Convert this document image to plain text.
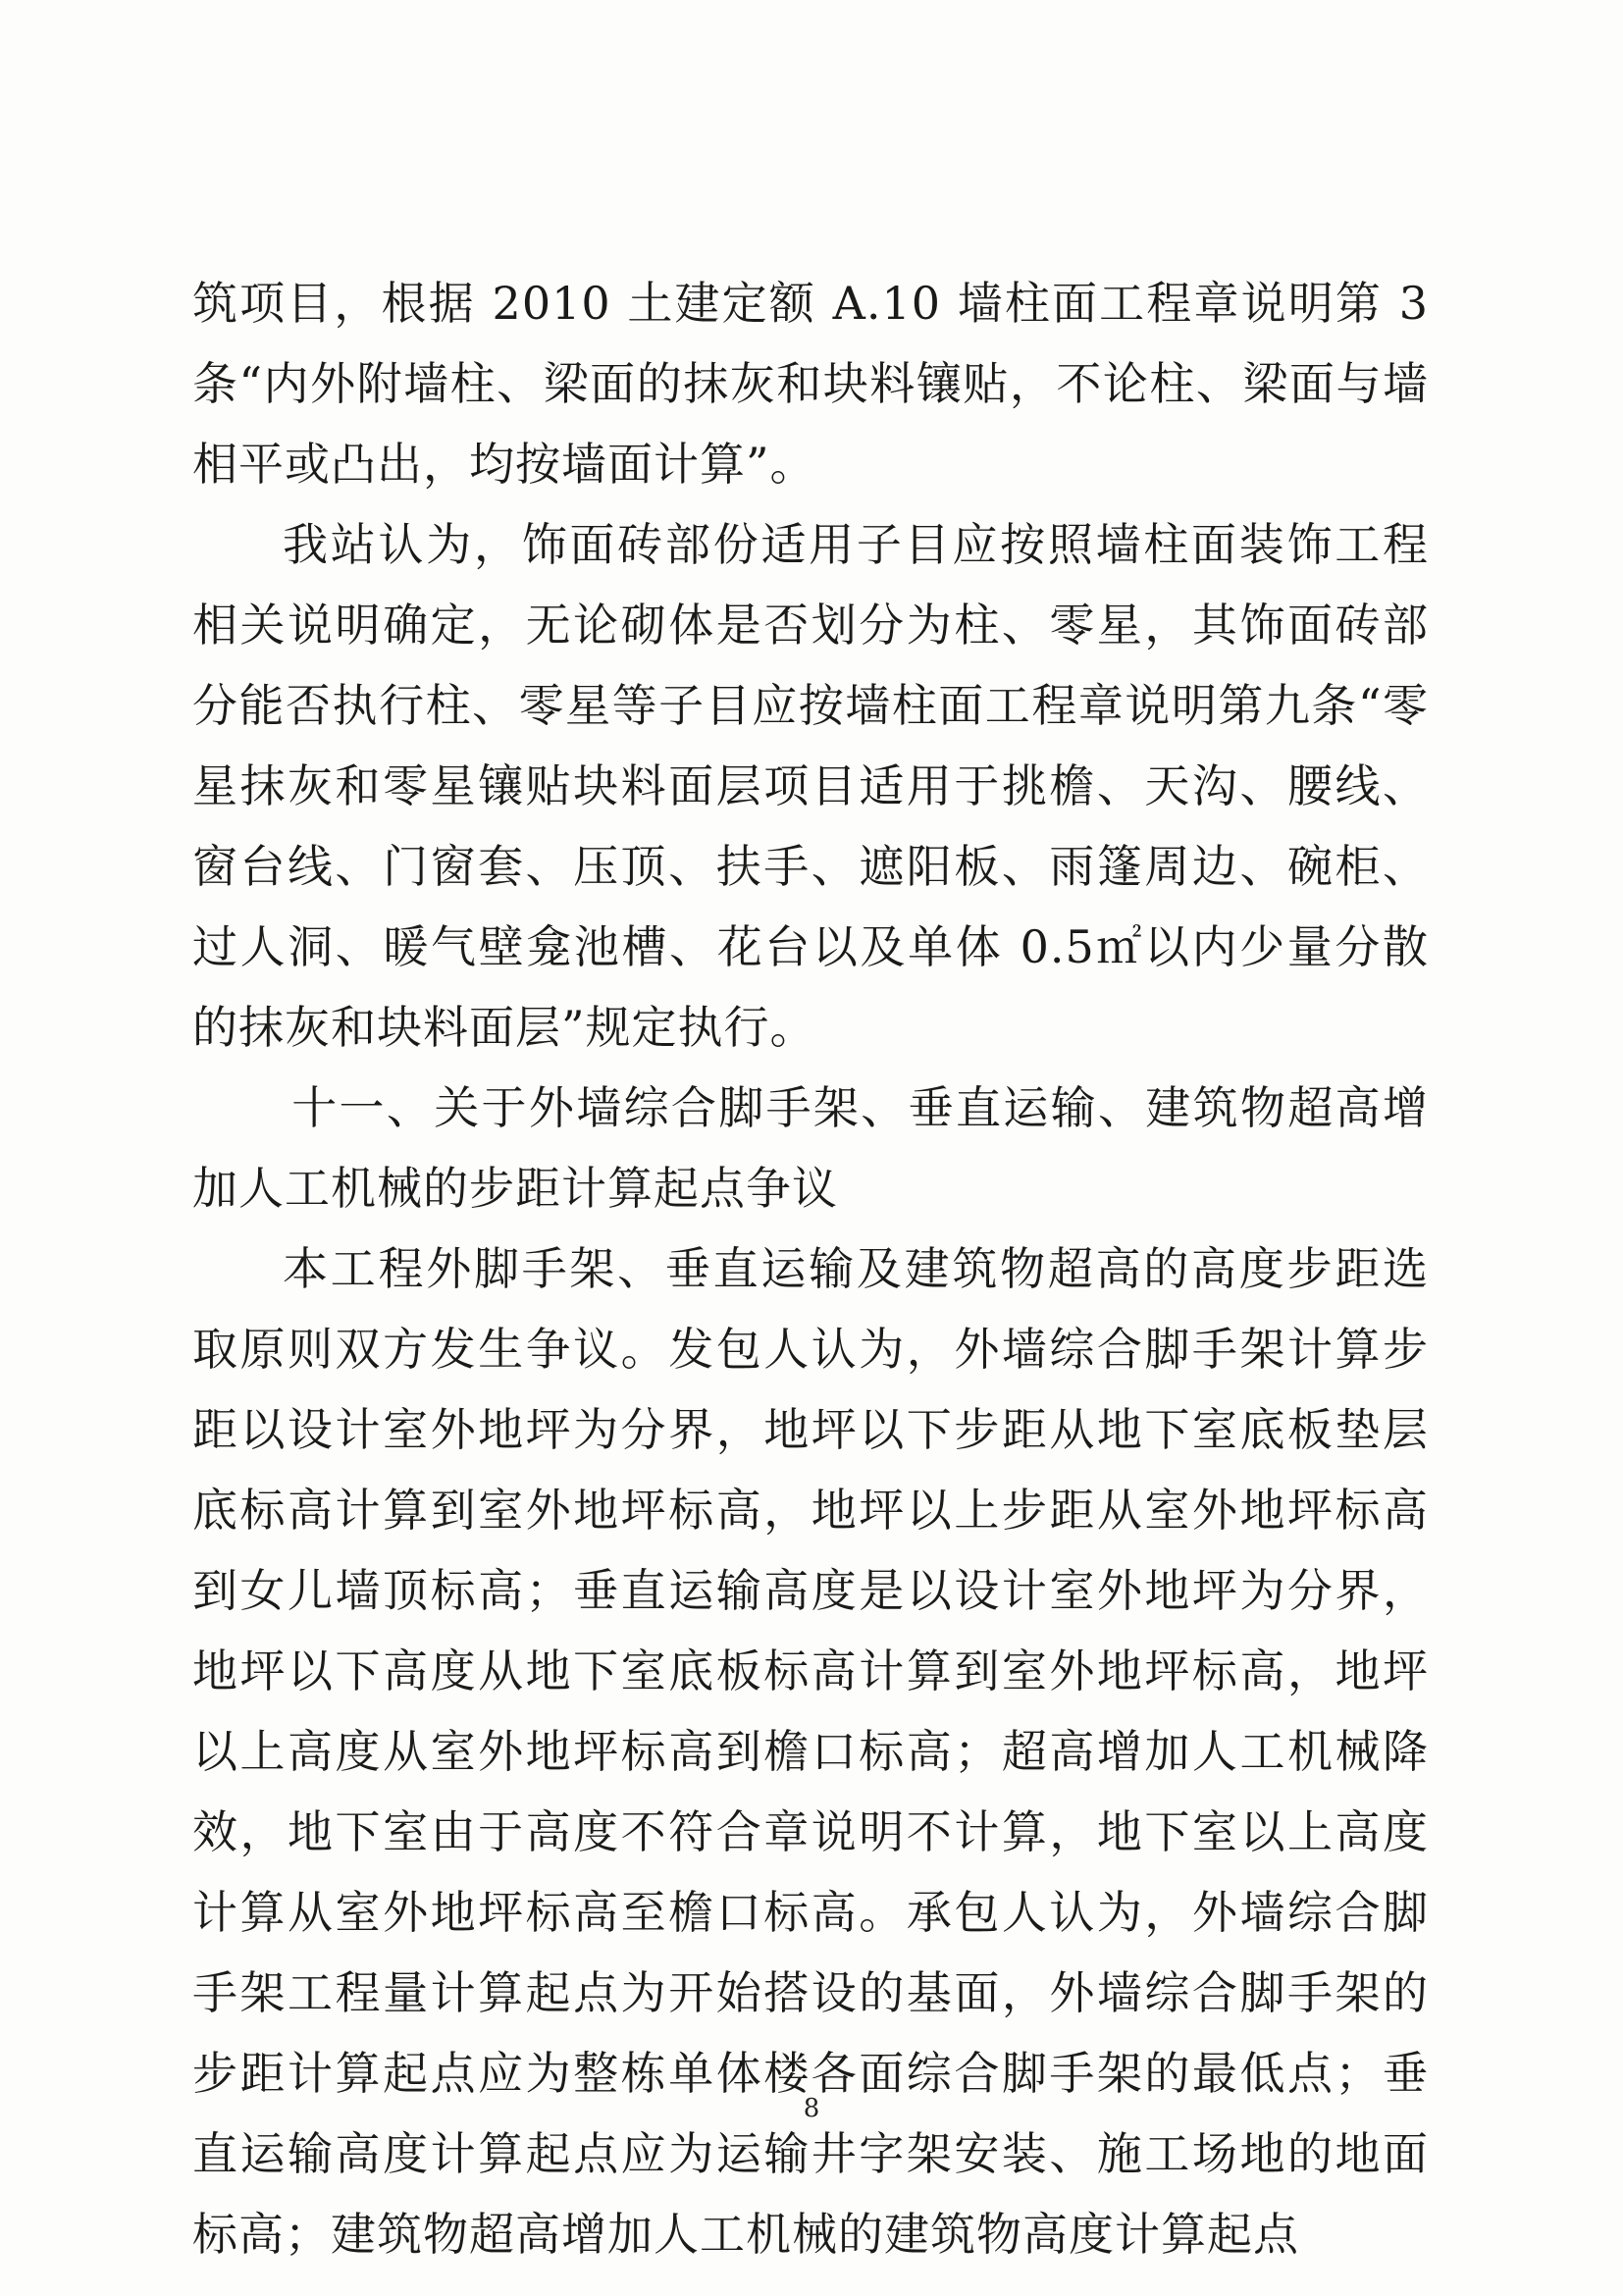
筑项目，根据 2010 土建定额 A.10 墙柱面工程章说明第 3 条“内外附墙柱、梁面的抹灰和块料镶贴，不论柱、梁面与墙相平或凸出，均按墙面计算”。

我站认为，饰面砖部份适用子目应按照墙柱面装饰工程相关说明确定，无论砌体是否划分为柱、零星，其饰面砖部分能否执行柱、零星等子目应按墙柱面工程章说明第九条“零星抹灰和零星镶贴块料面层项目适用于挑檐、天沟、腰线、窗台线、门窗套、压顶、扶手、遮阳板、雨篷周边、碗柜、过人洞、暖气壁龛池槽、花台以及单体 0.5㎡以内少量分散的抹灰和块料面层”规定执行。

十一、关于外墙综合脚手架、垂直运输、建筑物超高增加人工机械的步距计算起点争议

本工程外脚手架、垂直运输及建筑物超高的高度步距选取原则双方发生争议。发包人认为，外墙综合脚手架计算步距以设计室外地坪为分界，地坪以下步距从地下室底板垫层底标高计算到室外地坪标高，地坪以上步距从室外地坪标高到女儿墙顶标高；垂直运输高度是以设计室外地坪为分界，地坪以下高度从地下室底板标高计算到室外地坪标高，地坪以上高度从室外地坪标高到檐口标高；超高增加人工机械降效，地下室由于高度不符合章说明不计算，地下室以上高度计算从室外地坪标高至檐口标高。承包人认为，外墙综合脚手架工程量计算起点为开始搭设的基面，外墙综合脚手架的步距计算起点应为整栋单体楼各面综合脚手架的最低点；垂直运输高度计算起点应为运输井字架安装、施工场地的地面标高；建筑物超高增加人工机械的建筑物高度计算起点

8
